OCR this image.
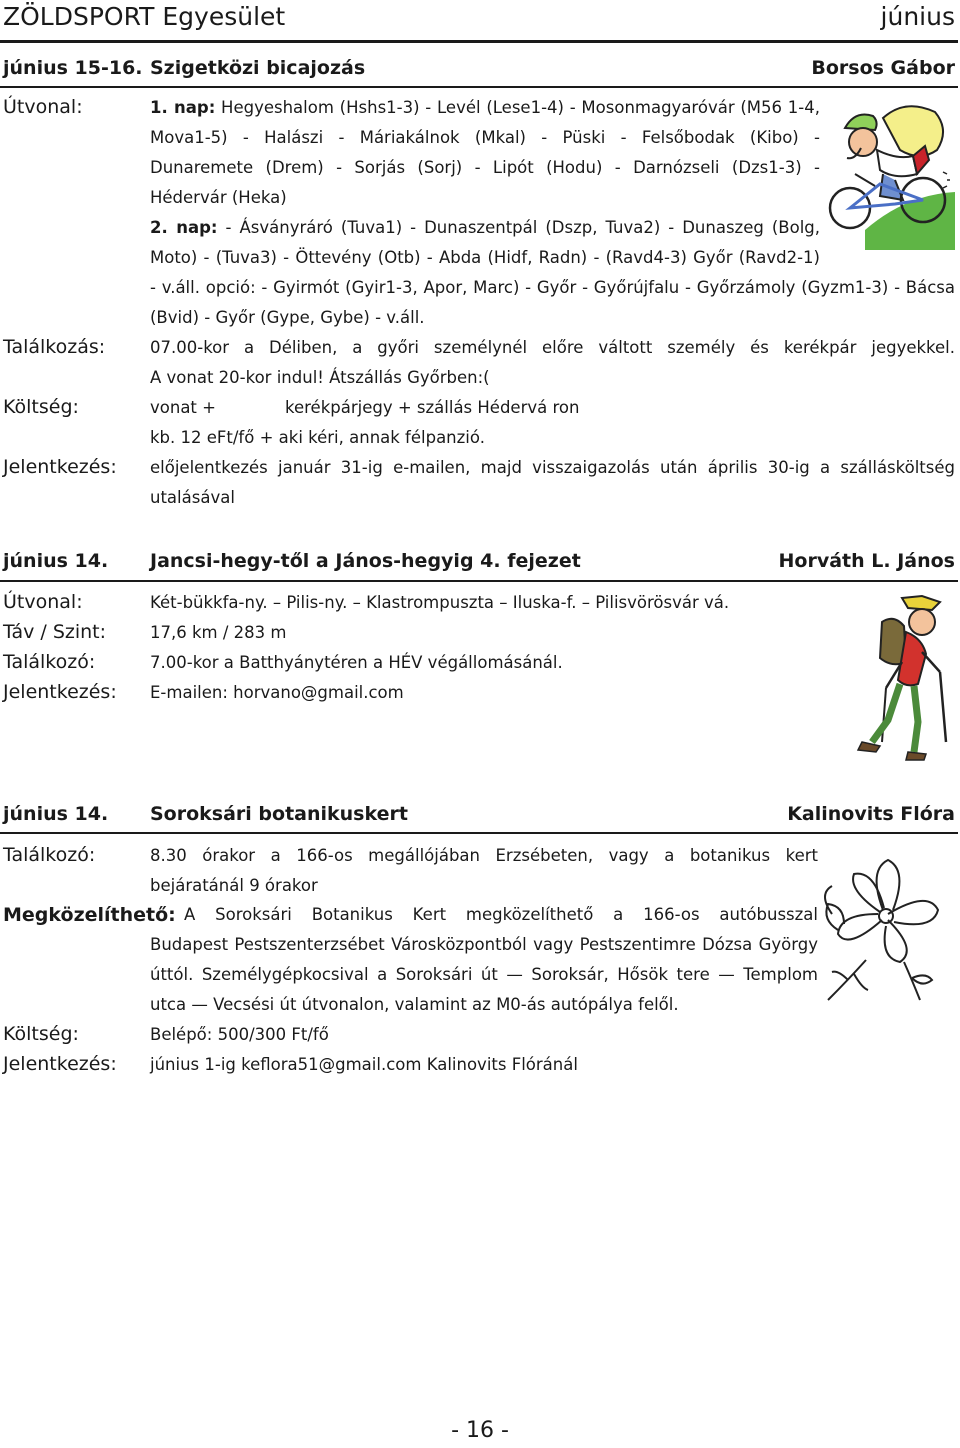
ZÖLDSPORT Egyesület	június
június 15-16. Szigetközi bicajozás	Borsos Gábor
Útvonal:	1. nap: Hegyeshalom (Hshs1-3) - Levél (Lese1-4) - Mosonmagyaróvár (M56 1-4,
Mova1-5) - Halászi - Máriakálnok (Mkal) - Püski - Felsőbodak (Kibo) -
Dunaremete (Drem) - Sorjás (Sorj) - Lipót (Hodu) - Darnózseli (Dzs1-3) -
Hédervár (Heka)
2. nap: - Ásványráró (Tuva1) - Dunaszentpál (Dszp, Tuva2) - Dunaszeg (Bolg,
Moto) - (Tuva3) - Öttevény (Otb) - Abda (Hidf, Radn) - (Ravd4-3) Győr (Ravd2-1)
- v.áll. opció: - Gyirmót (Gyir1-3, Apor, Marc) - Győr - Győrújfalu - Győrzámoly (Gyzm1-3) - Bácsa
(Bvid) - Győr (Gype, Gybe) - v.áll.
Találkozás:	07.00-kor a Déliben, a győri személynél előre váltott személy és kerékpár jegyekkel.
A vonat 20-kor indul! Átszállás Győrben:(
Költség:	vonat +	kerékpárjegy + szállás Hédervá ron
kb. 12 eFt/fő + aki kéri, annak félpanzió.
Jelentkezés: előjelentkezés január 31-ig e-mailen, majd visszaigazolás után április 30-ig a szállásköltség
utalásával
június 14. Jancsi-hegy-től a János-hegyig 4. fejezet	Horváth L. János
Útvonal:	Két-bükkfa-ny. – Pilis-ny. – Klastrompuszta – Iluska-f. – Pilisvörösvár vá.
Táv / Szint:	17,6 km / 283 m
Találkozó:	7.00-kor a Batthyánytéren a HÉV végállomásánál.
Jelentkezés: E-mailen: horvano@gmail.com
június 14. Soroksári botanikuskert	Kalinovits Flóra
Találkozó:	8.30 órakor a 166-os megállójában Erzsébeten, vagy a botanikus kert
bejáratánál 9 órakor
Megközelíthető: A Soroksári Botanikus Kert megközelíthető a 166-os autóbusszal
Budapest Pestszenterzsébet Városközpontból vagy Pestszentimre Dózsa György
úttól. Személygépkocsival a Soroksári út — Soroksár, Hősök tere — Templom
utca — Vecsési út útvonalon, valamint az M0-ás autópálya felől.
Költség:	Belépő: 500/300 Ft/fő
Jelentkezés: június 1-ig keflora51@gmail.com Kalinovits Flóránál
- 16 -
